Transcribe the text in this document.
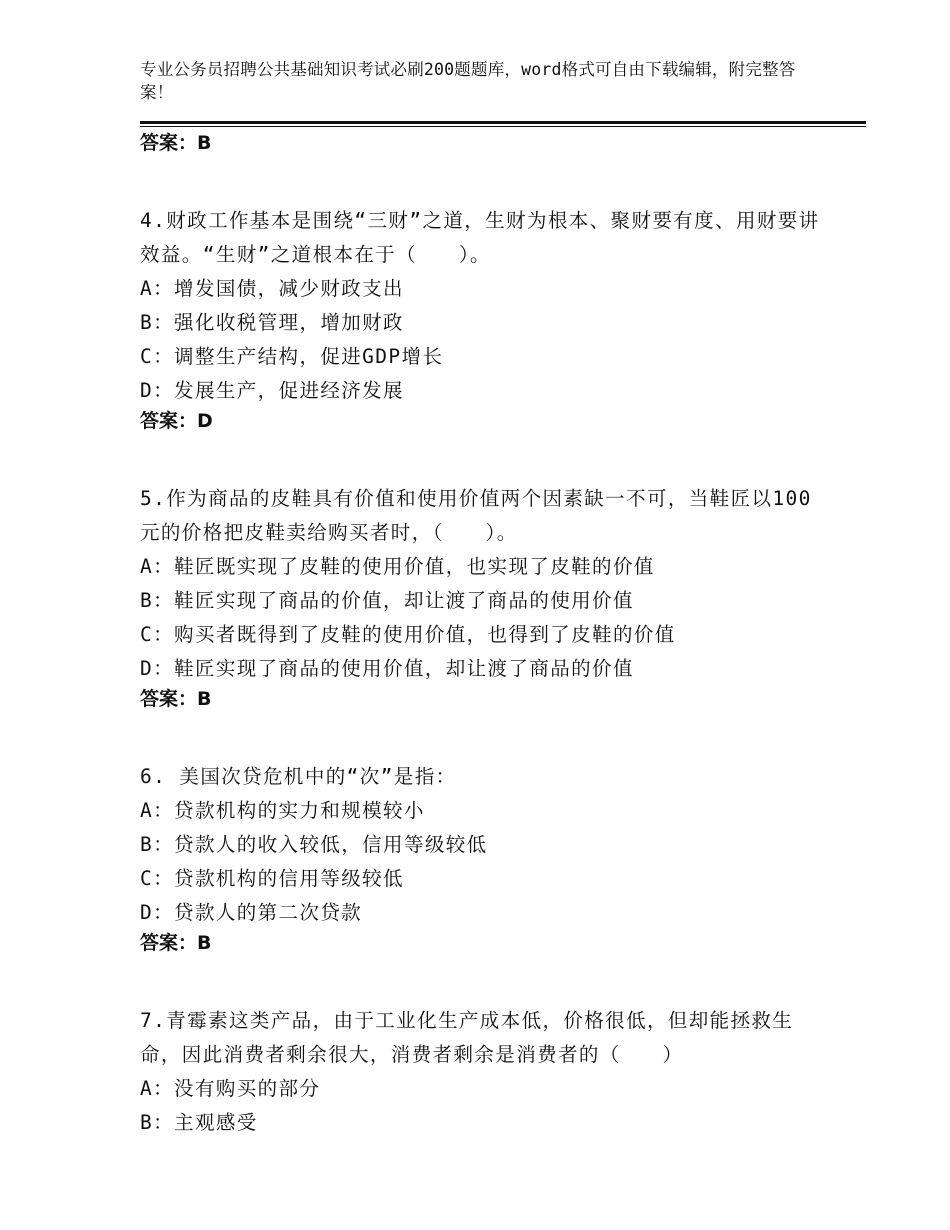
专业公务员招聘公共基础知识考试必刷200题题库，word格式可自由下载编辑，附完整答案！
答案：B
4.财政工作基本是围绕“三财”之道，生财为根本、聚财要有度、用财要讲效益。“生财”之道根本在于（　　）。
A：增发国债，减少财政支出
B：强化收税管理，增加财政
C：调整生产结构，促进GDP增长
D：发展生产，促进经济发展
答案：D
5.作为商品的皮鞋具有价值和使用价值两个因素缺一不可，当鞋匠以100元的价格把皮鞋卖给购买者时，（　　）。
A：鞋匠既实现了皮鞋的使用价值，也实现了皮鞋的价值
B：鞋匠实现了商品的价值，却让渡了商品的使用价值
C：购买者既得到了皮鞋的使用价值，也得到了皮鞋的价值
D：鞋匠实现了商品的使用价值，却让渡了商品的价值
答案：B
6. 美国次贷危机中的“次”是指：
A：贷款机构的实力和规模较小
B：贷款人的收入较低，信用等级较低
C：贷款机构的信用等级较低
D：贷款人的第二次贷款
答案：B
7.青霉素这类产品，由于工业化生产成本低，价格很低，但却能拯救生命，因此消费者剩余很大，消费者剩余是消费者的（　　）
A：没有购买的部分
B：主观感受
